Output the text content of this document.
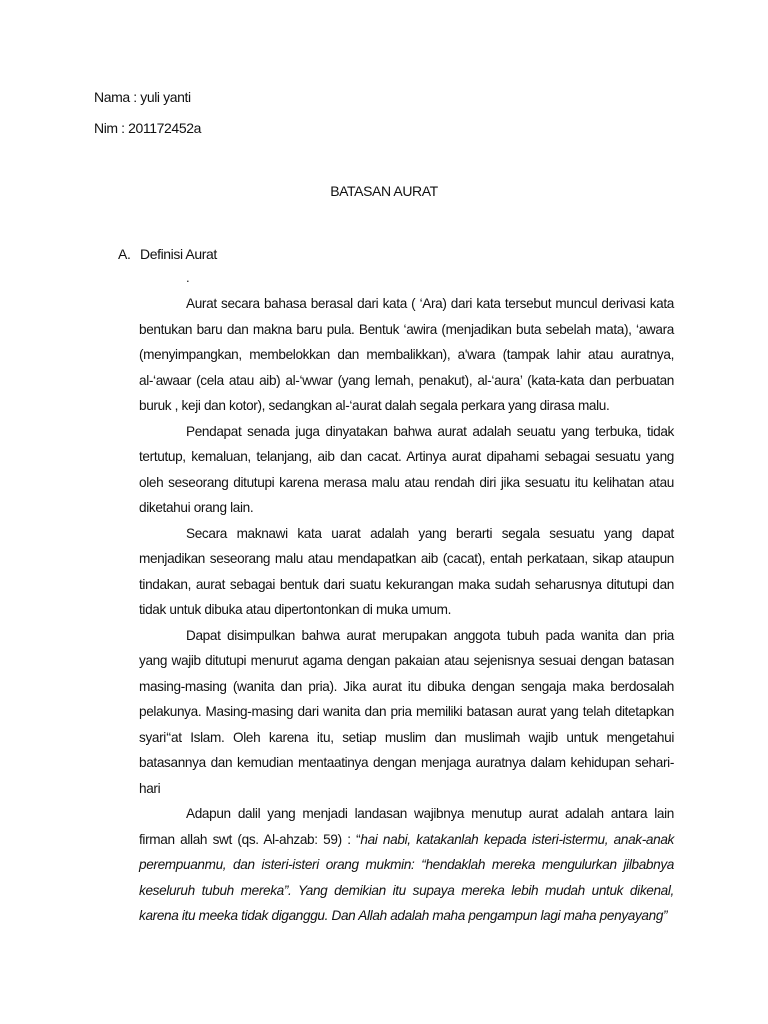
Nama : yuli yanti
Nim : 201172452a
BATASAN AURAT
A. Definisi Aurat
.

Aurat secara bahasa berasal dari kata ( ‘Ara) dari kata tersebut muncul derivasi kata bentukan baru dan makna baru pula. Bentuk ‘awira (menjadikan buta sebelah mata), ‘awara (menyimpangkan, membelokkan dan membalikkan), a'wara (tampak lahir atau auratnya, al-‘awaar (cela atau aib) al-‘wwar (yang lemah, penakut), al-‘aura’ (kata-kata dan perbuatan buruk , keji dan kotor), sedangkan al-‘aurat dalah segala perkara yang dirasa malu.

Pendapat senada juga dinyatakan bahwa aurat adalah seuatu yang terbuka, tidak tertutup, kemaluan, telanjang, aib dan cacat. Artinya aurat dipahami sebagai sesuatu yang oleh seseorang ditutupi karena merasa malu atau rendah diri jika sesuatu itu kelihatan atau diketahui orang lain.

Secara maknawi kata uarat adalah yang berarti segala sesuatu yang dapat menjadikan seseorang malu atau mendapatkan aib (cacat), entah perkataan, sikap ataupun tindakan, aurat sebagai bentuk dari suatu kekurangan maka sudah seharusnya ditutupi dan tidak untuk dibuka atau dipertontonkan di muka umum.

Dapat disimpulkan bahwa aurat merupakan anggota tubuh pada wanita dan pria yang wajib ditutupi menurut agama dengan pakaian atau sejenisnya sesuai dengan batasan masing-masing (wanita dan pria). Jika aurat itu dibuka dengan sengaja maka berdosalah pelakunya. Masing-masing dari wanita dan pria memiliki batasan aurat yang telah ditetapkan syari‘‘at Islam. Oleh karena itu, setiap muslim dan muslimah wajib untuk mengetahui batasannya dan kemudian mentaatinya dengan menjaga auratnya dalam kehidupan sehari-hari

Adapun dalil yang menjadi landasan wajibnya menutup aurat adalah antara lain firman allah swt (qs. Al-ahzab: 59) : “hai nabi, katakanlah kepada isteri-istermu, anak-anak perempuanmu, dan isteri-isteri orang mukmin: “hendaklah mereka mengulurkan jilbabnya keseluruh tubuh mereka”. Yang demikian itu supaya mereka lebih mudah untuk dikenal, karena itu meeka tidak diganggu. Dan Allah adalah maha pengampun lagi maha penyayang”
